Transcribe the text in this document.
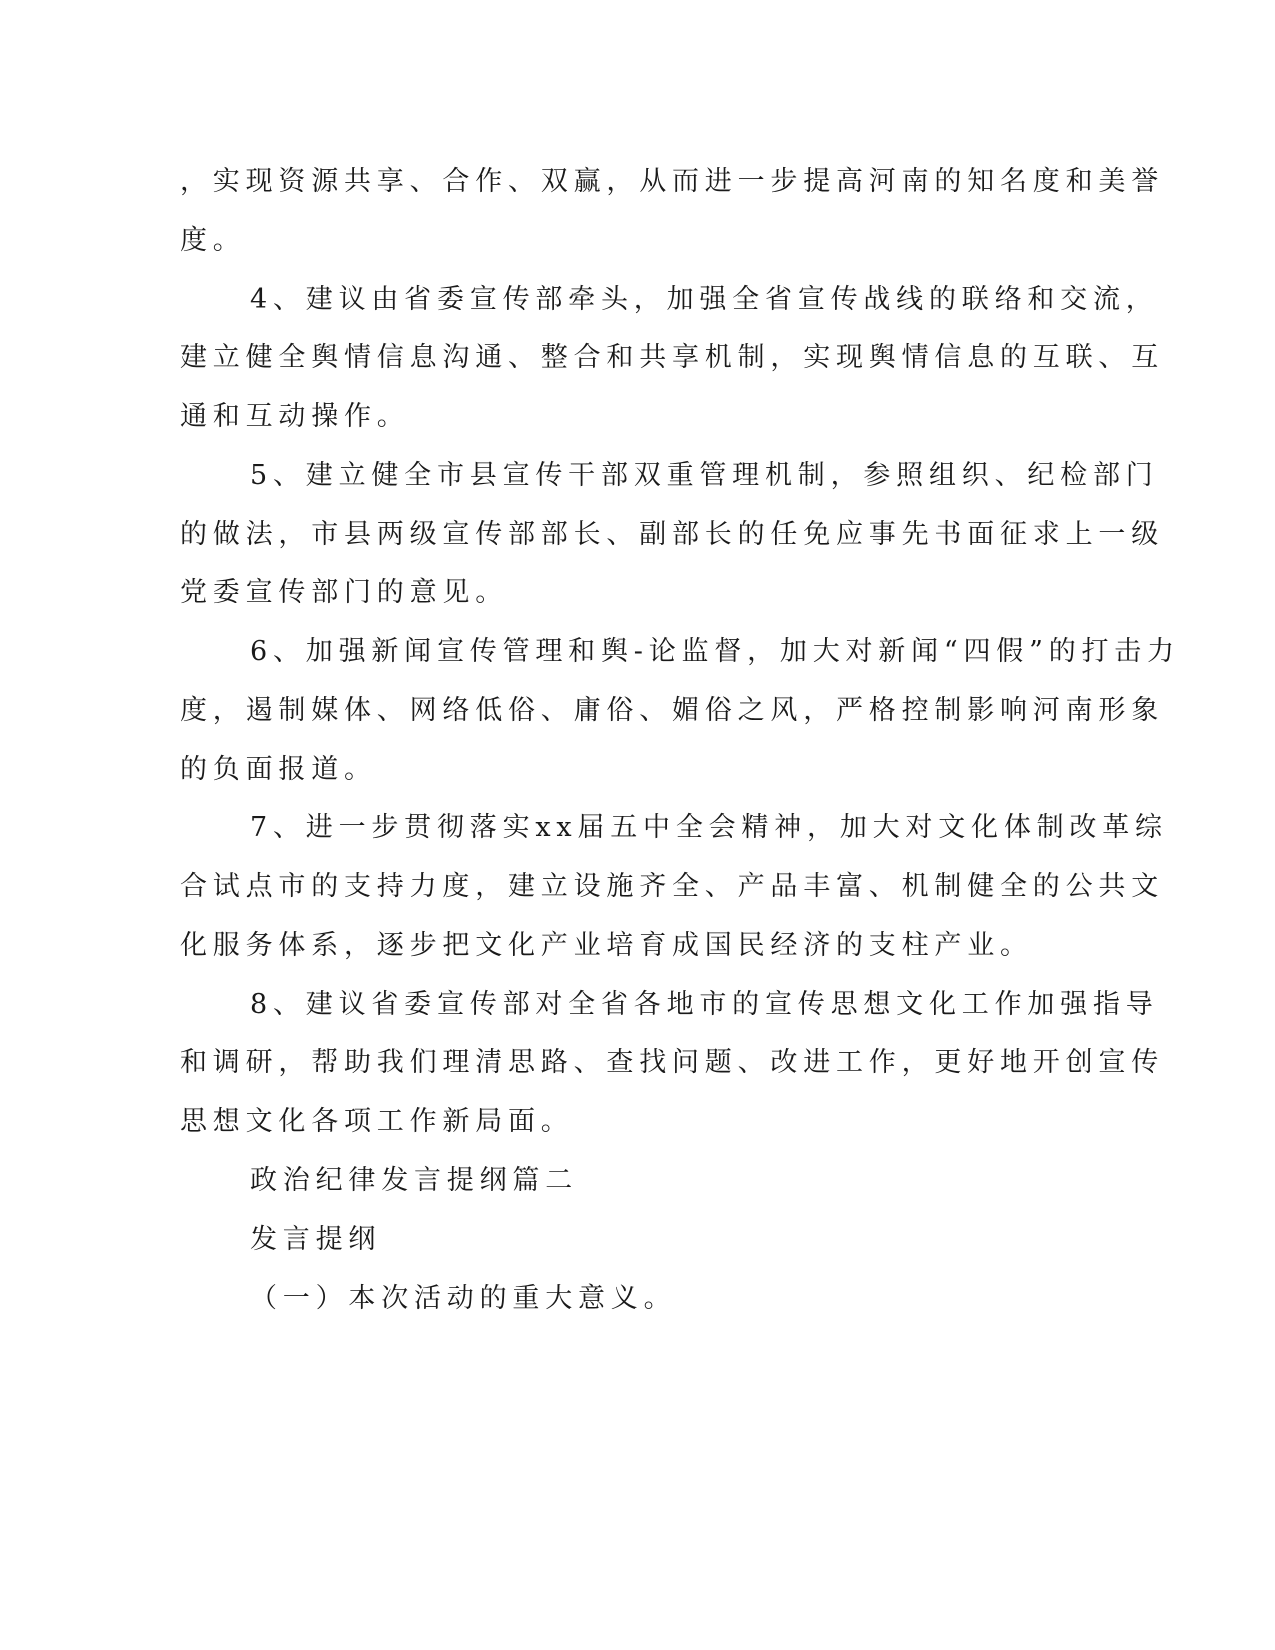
，实现资源共享、合作、双赢，从而进一步提高河南的知名度和美誉

度。

4、建议由省委宣传部牵头，加强全省宣传战线的联络和交流，

建立健全舆情信息沟通、整合和共享机制，实现舆情信息的互联、互

通和互动操作。

5、建立健全市县宣传干部双重管理机制，参照组织、纪检部门

的做法，市县两级宣传部部长、副部长的任免应事先书面征求上一级

党委宣传部门的意见。

6、加强新闻宣传管理和舆-论监督，加大对新闻“四假”的打击力

度，遏制媒体、网络低俗、庸俗、媚俗之风，严格控制影响河南形象

的负面报道。

7、进一步贯彻落实xx届五中全会精神，加大对文化体制改革综

合试点市的支持力度，建立设施齐全、产品丰富、机制健全的公共文

化服务体系，逐步把文化产业培育成国民经济的支柱产业。

8、建议省委宣传部对全省各地市的宣传思想文化工作加强指导

和调研，帮助我们理清思路、查找问题、改进工作，更好地开创宣传

思想文化各项工作新局面。

政治纪律发言提纲篇二

发言提纲

（一）本次活动的重大意义。
